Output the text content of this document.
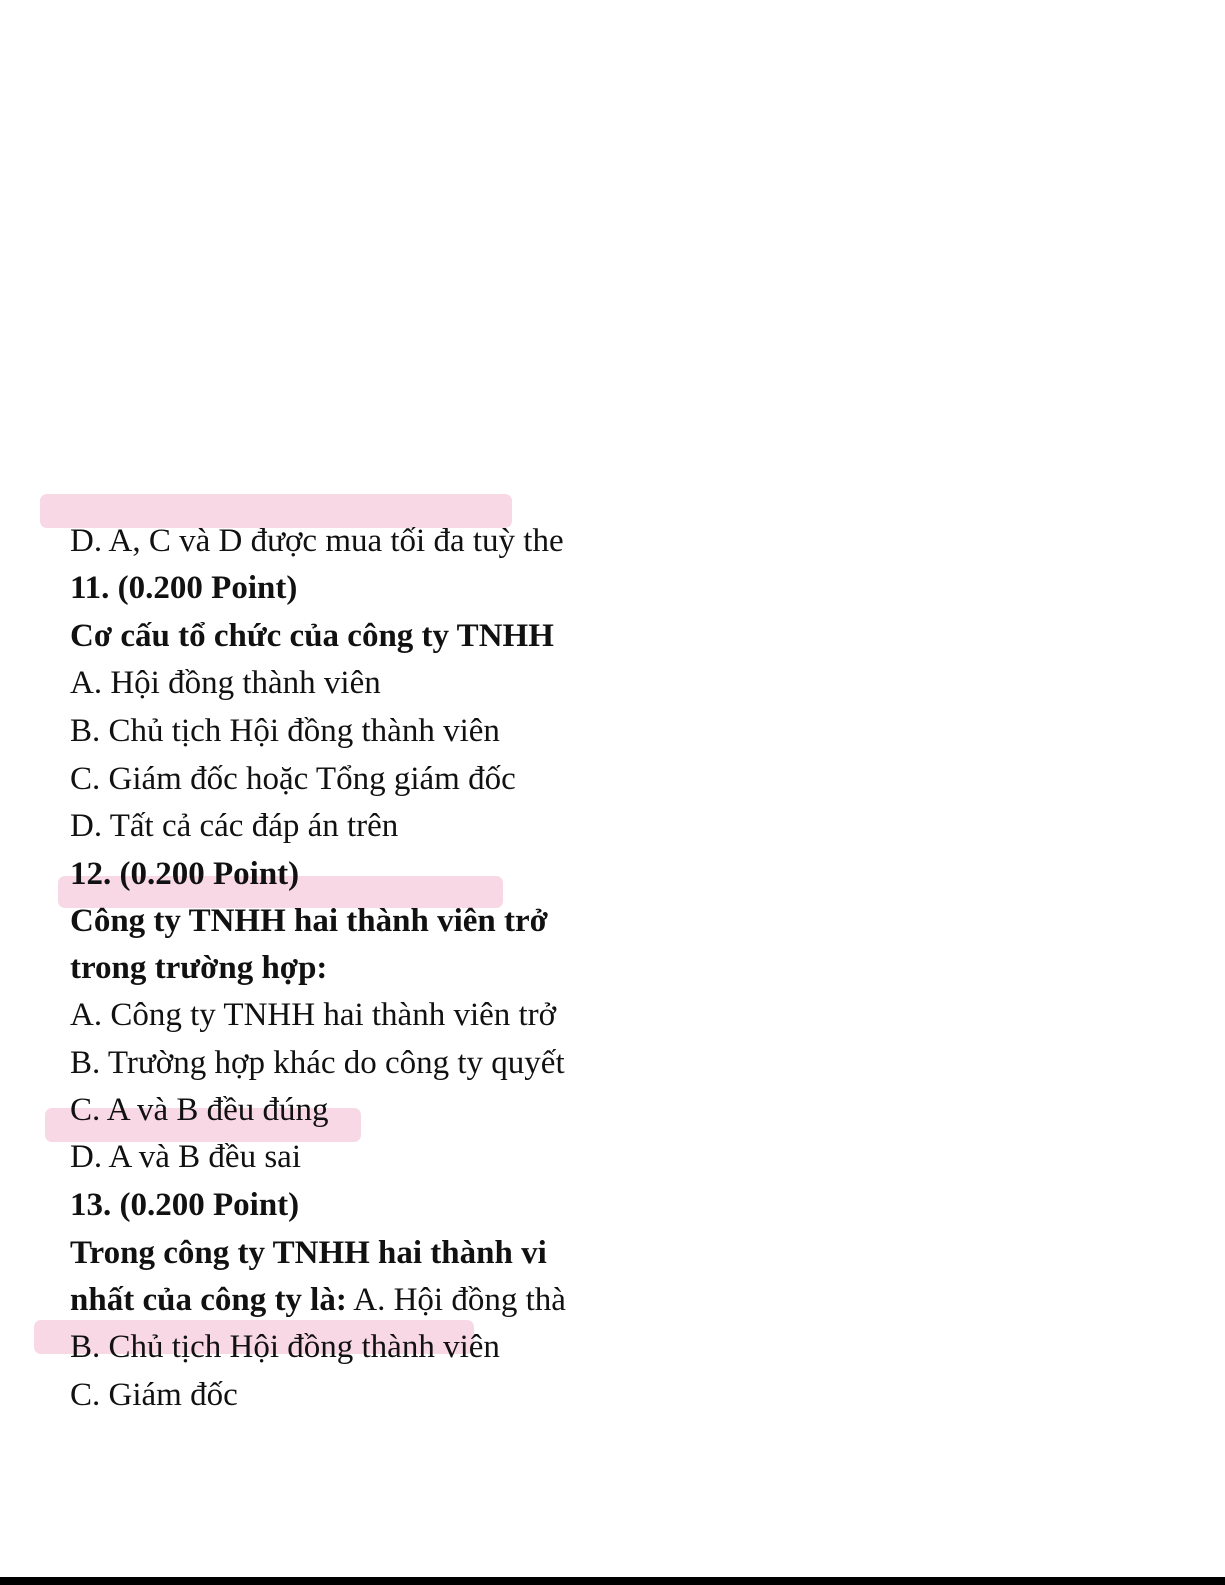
D. A, C và D được mua tối đa tuỳ the
11. (0.200 Point)
Cơ cấu tổ chức của công ty TNHH
A. Hội đồng thành viên
B. Chủ tịch Hội đồng thành viên
C. Giám đốc hoặc Tổng giám đốc
D. Tất cả các đáp án trên
12. (0.200 Point)
Công ty TNHH hai thành viên trở
trong trường hợp:
A. Công ty TNHH hai thành viên trở
B. Trường hợp khác do công ty quyết
C. A và B đều đúng
D. A và B đều sai
13. (0.200 Point)
Trong công ty TNHH hai thành vi
nhất của công ty là: A. Hội đồng thà
B. Chủ tịch Hội đồng thành viên
C. Giám đốc
